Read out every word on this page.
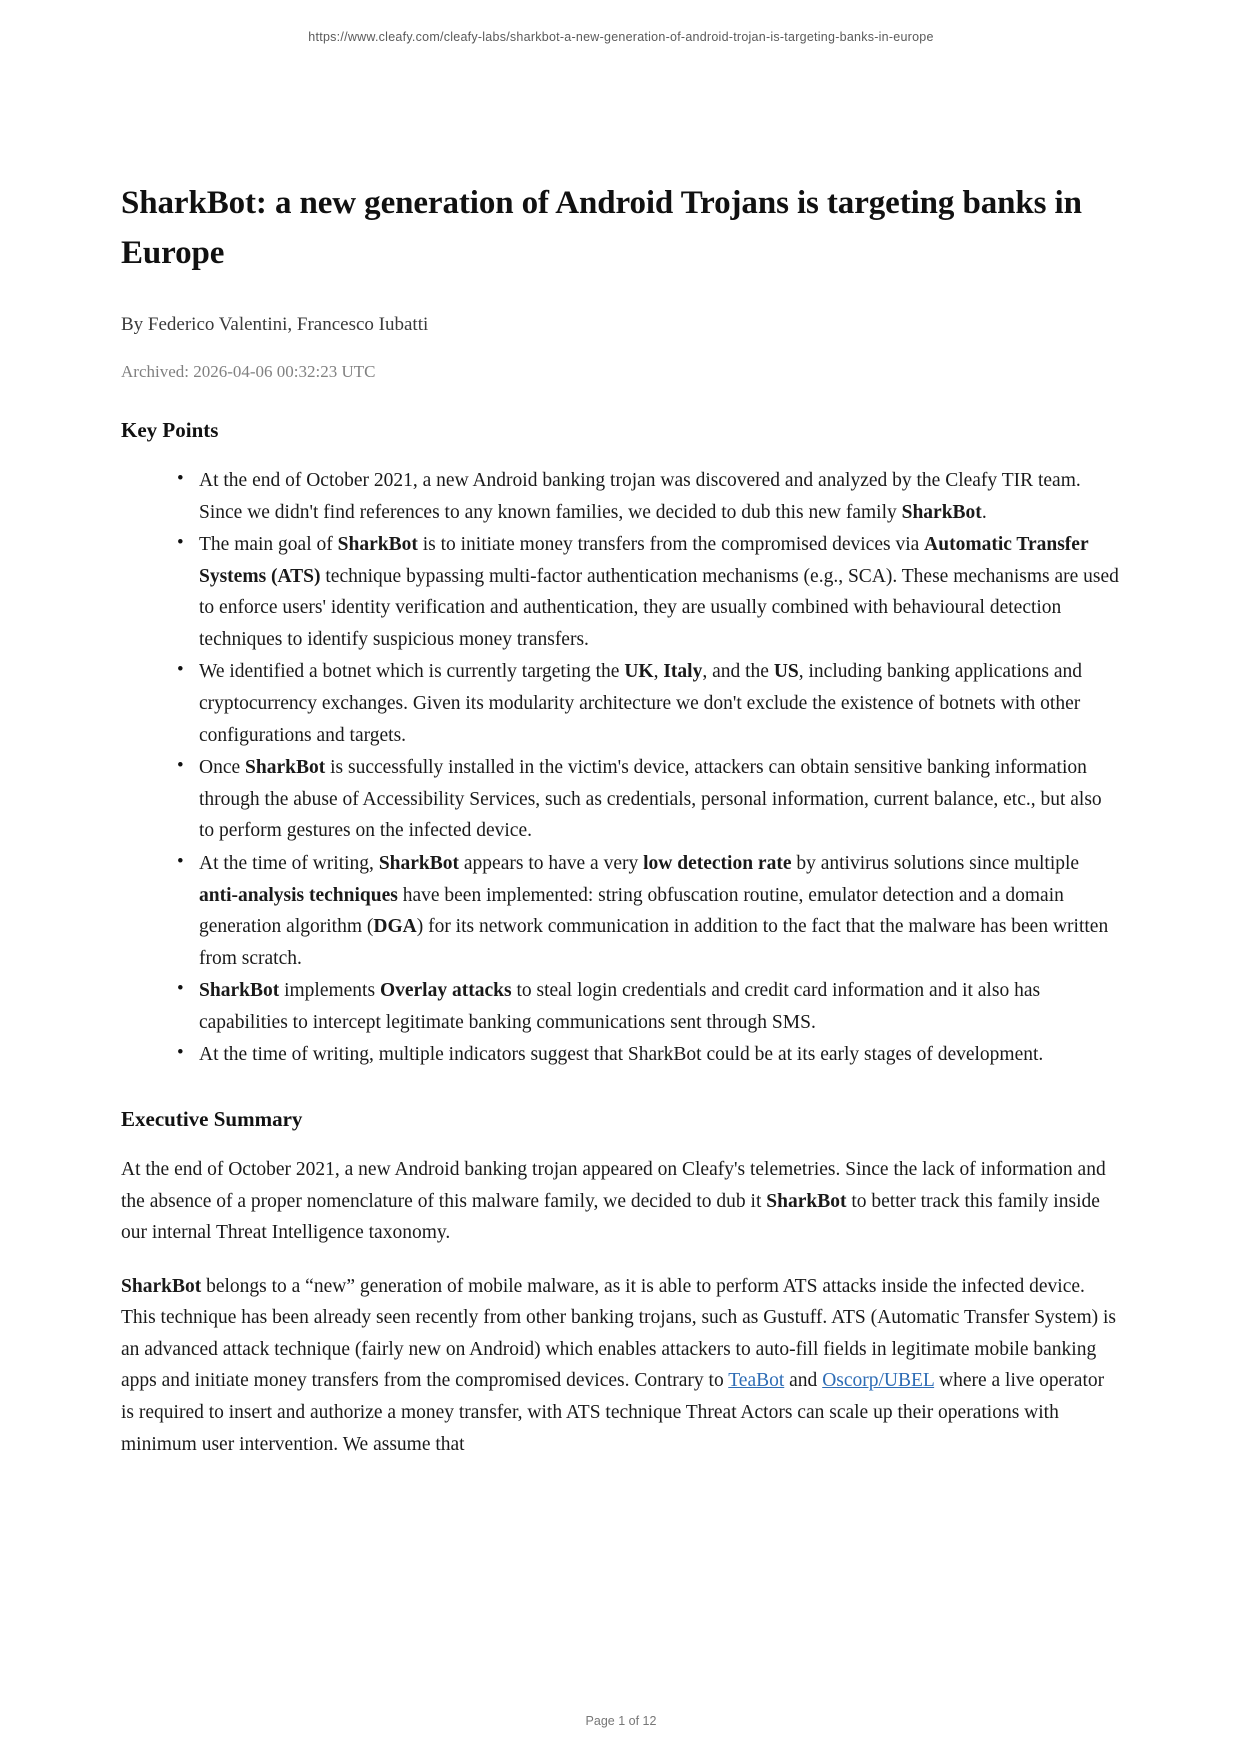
https://www.cleafy.com/cleafy-labs/sharkbot-a-new-generation-of-android-trojan-is-targeting-banks-in-europe
SharkBot: a new generation of Android Trojans is targeting banks in Europe
By Federico Valentini, Francesco Iubatti
Archived: 2026-04-06 00:32:23 UTC
Key Points
• At the end of October 2021, a new Android banking trojan was discovered and analyzed by the Cleafy TIR team. Since we didn't find references to any known families, we decided to dub this new family SharkBot.
• The main goal of SharkBot is to initiate money transfers from the compromised devices via Automatic Transfer Systems (ATS) technique bypassing multi-factor authentication mechanisms (e.g., SCA). These mechanisms are used to enforce users' identity verification and authentication, they are usually combined with behavioural detection techniques to identify suspicious money transfers.
• We identified a botnet which is currently targeting the UK, Italy, and the US, including banking applications and cryptocurrency exchanges. Given its modularity architecture we don't exclude the existence of botnets with other configurations and targets.
• Once SharkBot is successfully installed in the victim's device, attackers can obtain sensitive banking information through the abuse of Accessibility Services, such as credentials, personal information, current balance, etc., but also to perform gestures on the infected device.
• At the time of writing, SharkBot appears to have a very low detection rate by antivirus solutions since multiple anti-analysis techniques have been implemented: string obfuscation routine, emulator detection and a domain generation algorithm (DGA) for its network communication in addition to the fact that the malware has been written from scratch.
• SharkBot implements Overlay attacks to steal login credentials and credit card information and it also has capabilities to intercept legitimate banking communications sent through SMS.
• At the time of writing, multiple indicators suggest that SharkBot could be at its early stages of development.
Executive Summary

At the end of October 2021, a new Android banking trojan appeared on Cleafy's telemetries. Since the lack of information and the absence of a proper nomenclature of this malware family, we decided to dub it SharkBot to better track this family inside our internal Threat Intelligence taxonomy.

SharkBot belongs to a “new” generation of mobile malware, as it is able to perform ATS attacks inside the infected device. This technique has been already seen recently from other banking trojans, such as Gustuff. ATS (Automatic Transfer System) is an advanced attack technique (fairly new on Android) which enables attackers to auto-fill fields in legitimate mobile banking apps and initiate money transfers from the compromised devices. Contrary to TeaBot and Oscorp/UBEL where a live operator is required to insert and authorize a money transfer, with ATS technique Threat Actors can scale up their operations with minimum user intervention. We assume that

Page 1 of 12
